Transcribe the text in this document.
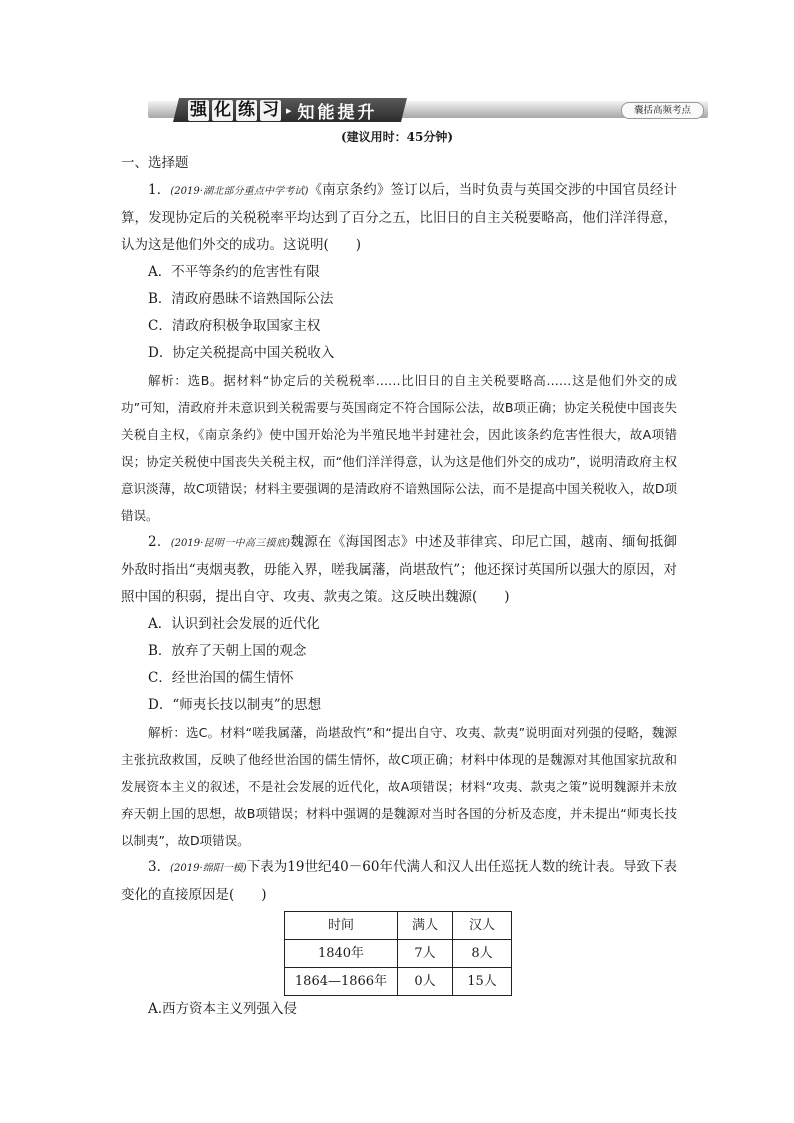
强 化 练 习 ▸ 知能提升	囊括高频考点
(建议用时：45分钟)

一、选择题

1．(2019·湖北部分重点中学考试)《南京条约》签订以后，当时负责与英国交涉的中国官员经计算，发现协定后的关税税率平均达到了百分之五，比旧日的自主关税要略高，他们洋洋得意，认为这是他们外交的成功。这说明(　　)

A．不平等条约的危害性有限

B．清政府愚昧不谙熟国际公法

C．清政府积极争取国家主权

D．协定关税提高中国关税收入

解析：选B。据材料“协定后的关税税率……比旧日的自主关税要略高……这是他们外交的成功”可知，清政府并未意识到关税需要与英国商定不符合国际公法，故B项正确；协定关税使中国丧失关税自主权，《南京条约》使中国开始沦为半殖民地半封建社会，因此该条约危害性很大，故A项错误；协定关税使中国丧失关税主权，而“他们洋洋得意，认为这是他们外交的成功”，说明清政府主权意识淡薄，故C项错误；材料主要强调的是清政府不谙熟国际公法，而不是提高中国关税收入，故D项错误。

2．(2019·昆明一中高三摸底)魏源在《海国图志》中述及菲律宾、印尼亡国，越南、缅甸抵御外敌时指出“夷烟夷教，毋能入界，嗟我属藩，尚堪敌忾”；他还探讨英国所以强大的原因，对照中国的积弱，提出自守、攻夷、款夷之策。这反映出魏源(　　)

A．认识到社会发展的近代化

B．放弃了天朝上国的观念

C．经世治国的儒生情怀

D．“师夷长技以制夷”的思想

解析：选C。材料“嗟我属藩，尚堪敌忾”和“提出自守、攻夷、款夷”说明面对列强的侵略，魏源主张抗敌救国，反映了他经世治国的儒生情怀，故C项正确；材料中体现的是魏源对其他国家抗敌和发展资本主义的叙述，不是社会发展的近代化，故A项错误；材料“攻夷、款夷之策”说明魏源并未放弃天朝上国的思想，故B项错误；材料中强调的是魏源对当时各国的分析及态度，并未提出“师夷长技以制夷”，故D项错误。

3．(2019·绵阳一模)下表为19世纪40－60年代满人和汉人出任巡抚人数的统计表。导致下表变化的直接原因是(　　)

时间	满人	汉人
1840年	7人	8人
1864—1866年	0人	15人

A.西方资本主义列强入侵
